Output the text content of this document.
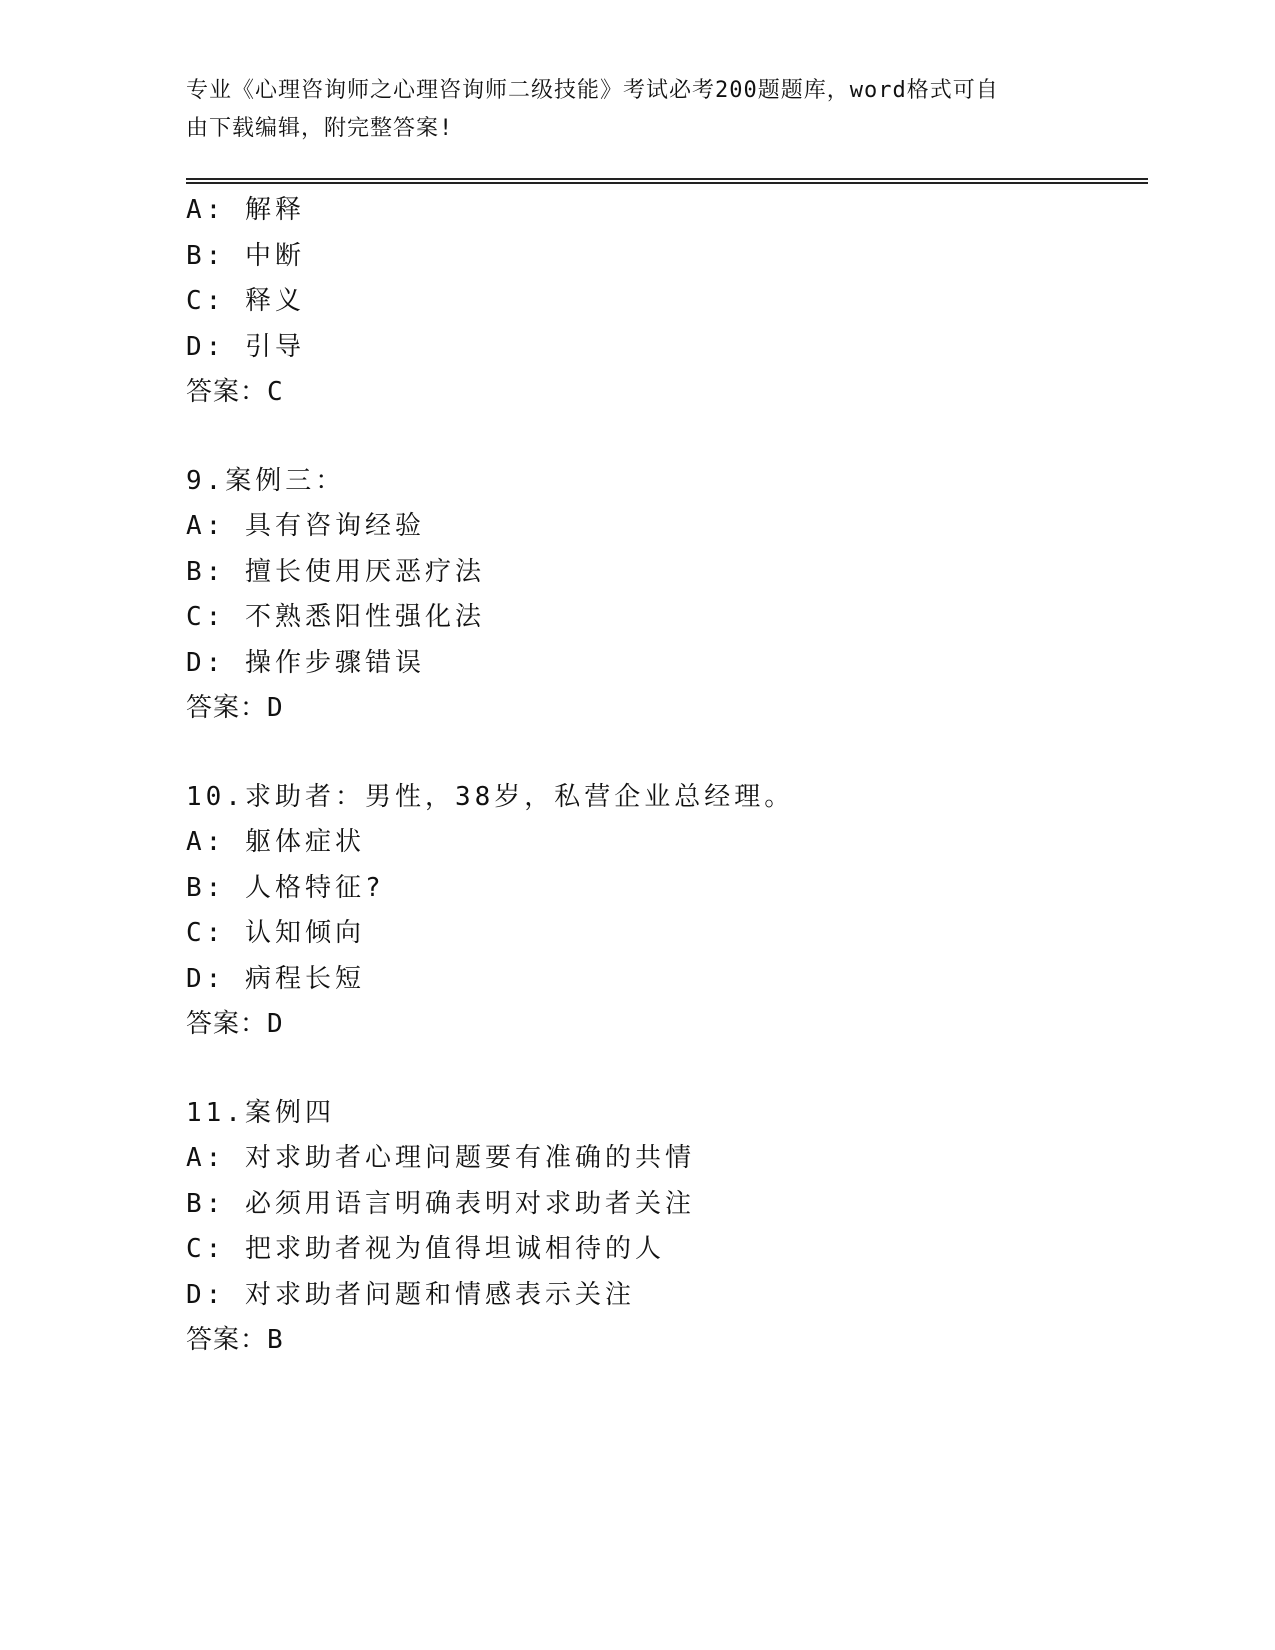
专业《心理咨询师之心理咨询师二级技能》考试必考200题题库，word格式可自
由下载编辑，附完整答案!
A: 解释
B: 中断
C: 释义
D: 引导
答案：C
9.案例三：
A: 具有咨询经验
B: 擅长使用厌恶疗法
C: 不熟悉阳性强化法
D: 操作步骤错误
答案：D
10.求助者：男性，38岁，私营企业总经理。
A: 躯体症状
B: 人格特征?
C: 认知倾向
D: 病程长短
答案：D
11.案例四
A: 对求助者心理问题要有准确的共情
B: 必须用语言明确表明对求助者关注
C: 把求助者视为值得坦诚相待的人
D: 对求助者问题和情感表示关注
答案：B
